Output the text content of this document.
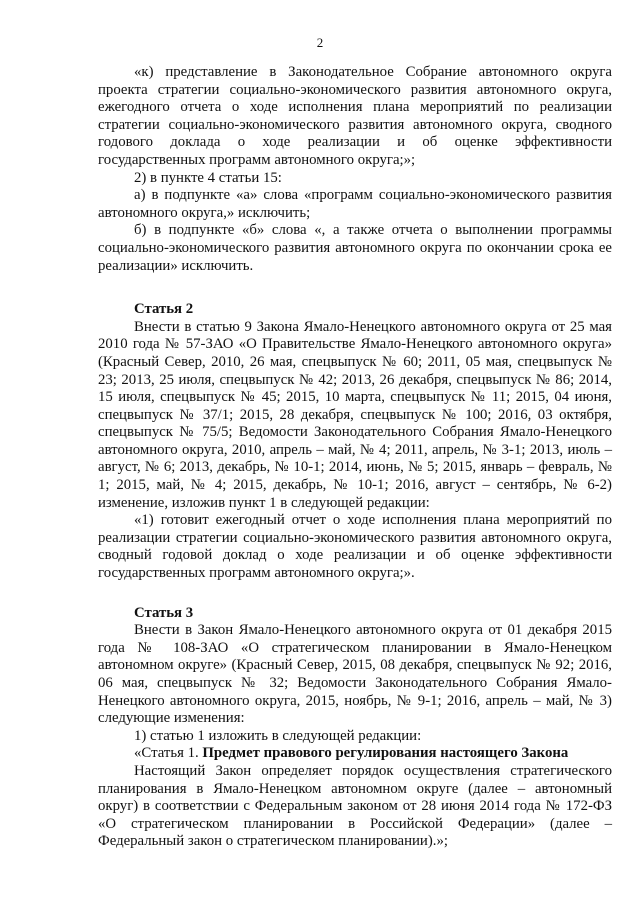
2

«к) представление в Законодательное Собрание автономного округа проекта стратегии социально-экономического развития автономного округа, ежегодного отчета о ходе исполнения плана мероприятий по реализации стратегии социально-экономического развития автономного округа, сводного годового доклада о ходе реализации и об оценке эффективности государственных программ автономного округа;»;

2) в пункте 4 статьи 15:

а) в подпункте «а» слова «программ социально-экономического развития автономного округа,» исключить;

б) в подпункте «б» слова «, а также отчета о выполнении программы социально-экономического развития автономного округа по окончании срока ее реализации» исключить.

Статья 2

Внести в статью 9 Закона Ямало-Ненецкого автономного округа от 25 мая 2010 года № 57-ЗАО «О Правительстве Ямало-Ненецкого автономного округа» (Красный Север, 2010, 26 мая, спецвыпуск № 60; 2011, 05 мая, спецвыпуск № 23; 2013, 25 июля, спецвыпуск № 42; 2013, 26 декабря, спецвыпуск № 86; 2014, 15 июля, спецвыпуск № 45; 2015, 10 марта, спецвыпуск № 11; 2015, 04 июня, спецвыпуск № 37/1; 2015, 28 декабря, спецвыпуск № 100; 2016, 03 октября, спецвыпуск № 75/5; Ведомости Законодательного Собрания Ямало-Ненецкого автономного округа, 2010, апрель – май, № 4; 2011, апрель, № 3-1; 2013, июль – август, № 6; 2013, декабрь, № 10-1; 2014, июнь, № 5; 2015, январь – февраль, № 1; 2015, май, № 4; 2015, декабрь, № 10-1; 2016, август – сентябрь, № 6-2) изменение, изложив пункт 1 в следующей редакции:

«1) готовит ежегодный отчет о ходе исполнения плана мероприятий по реализации стратегии социально-экономического развития автономного округа, сводный годовой доклад о ходе реализации и об оценке эффективности государственных программ автономного округа;».

Статья 3

Внести в Закон Ямало-Ненецкого автономного округа от 01 декабря 2015 года № 108-ЗАО «О стратегическом планировании в Ямало-Ненецком автономном округе» (Красный Север, 2015, 08 декабря, спецвыпуск № 92; 2016, 06 мая, спецвыпуск № 32; Ведомости Законодательного Собрания Ямало-Ненецкого автономного округа, 2015, ноябрь, № 9-1; 2016, апрель – май, № 3) следующие изменения:

1) статью 1 изложить в следующей редакции:

«Статья 1. Предмет правового регулирования настоящего Закона

Настоящий Закон определяет порядок осуществления стратегического планирования в Ямало-Ненецком автономном округе (далее – автономный округ) в соответствии с Федеральным законом от 28 июня 2014 года № 172-ФЗ «О стратегическом планировании в Российской Федерации» (далее – Федеральный закон о стратегическом планировании).»;
